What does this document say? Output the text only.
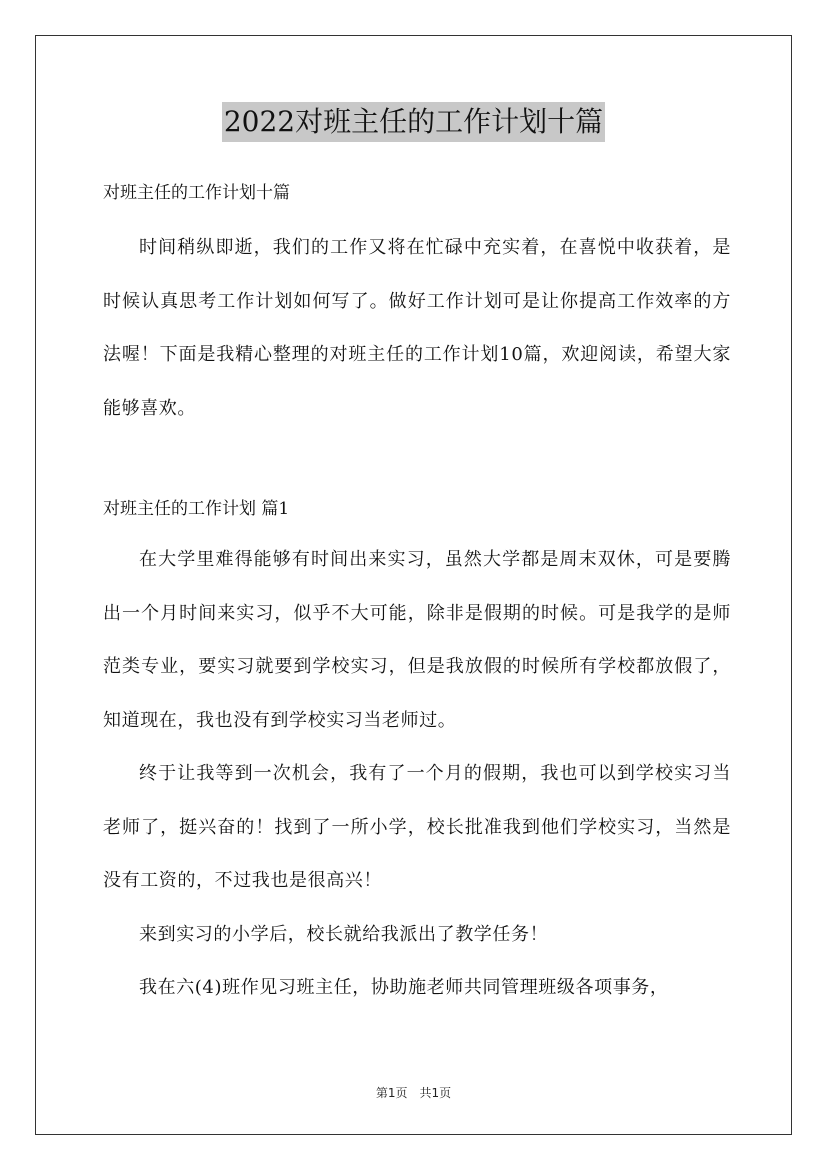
2022对班主任的工作计划十篇
对班主任的工作计划十篇

时间稍纵即逝，我们的工作又将在忙碌中充实着，在喜悦中收获着，是时候认真思考工作计划如何写了。做好工作计划可是让你提高工作效率的方法喔！下面是我精心整理的对班主任的工作计划10篇，欢迎阅读，希望大家能够喜欢。

对班主任的工作计划 篇1

在大学里难得能够有时间出来实习，虽然大学都是周末双休，可是要腾出一个月时间来实习，似乎不大可能，除非是假期的时候。可是我学的是师范类专业，要实习就要到学校实习，但是我放假的时候所有学校都放假了，知道现在，我也没有到学校实习当老师过。

终于让我等到一次机会，我有了一个月的假期，我也可以到学校实习当老师了，挺兴奋的！找到了一所小学，校长批准我到他们学校实习，当然是没有工资的，不过我也是很高兴！

来到实习的小学后，校长就给我派出了教学任务！

我在六(4)班作见习班主任，协助施老师共同管理班级各项事务，

第1页 共1页
